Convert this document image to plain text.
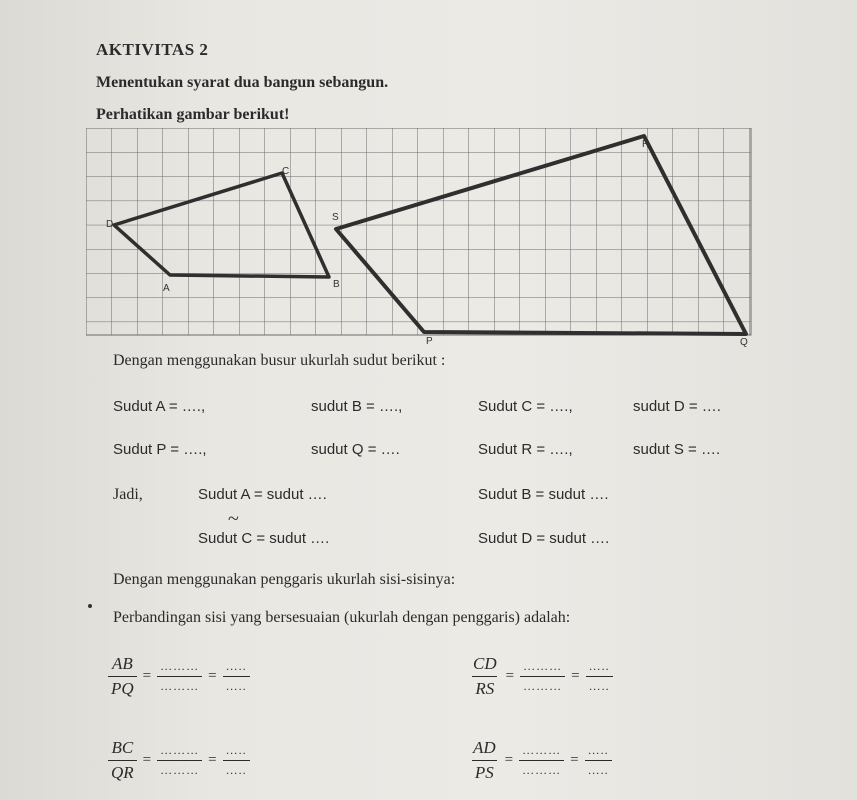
AKTIVITAS 2
Menentukan syarat dua bangun sebangun.
Perhatikan gambar berikut!
A	B
C
D
P	Q
R
S
Dengan menggunakan busur ukurlah sudut berikut :
Sudut A = ….,	sudut B = ….,	Sudut C = ….,	sudut D = ….
Sudut P = ….,	sudut Q = ….	Sudut R = ….,	sudut S = ….
Jadi,	Sudut A = sudut ….	Sudut B = sudut ….
~
Sudut C = sudut ….	Sudut D = sudut ….
Dengan menggunakan penggaris ukurlah sisi-sisinya:
Perbandingan sisi yang bersesuaian (ukurlah dengan penggaris) adalah:
$\frac{AB}{PQ} = \frac{\dots\dots\dots}{\dots\dots\dots} = \frac{\dots..}{\dots..}$	$\frac{CD}{RS} = \frac{\dots\dots\dots}{\dots\dots\dots} = \frac{\dots..}{\dots..}$
$\frac{BC}{QR} = \frac{\dots\dots\dots}{\dots\dots\dots} = \frac{\dots..}{\dots..}$	$\frac{AD}{PS} = \frac{\dots\dots\dots}{\dots\dots\dots} = \frac{\dots..}{\dots..}$
